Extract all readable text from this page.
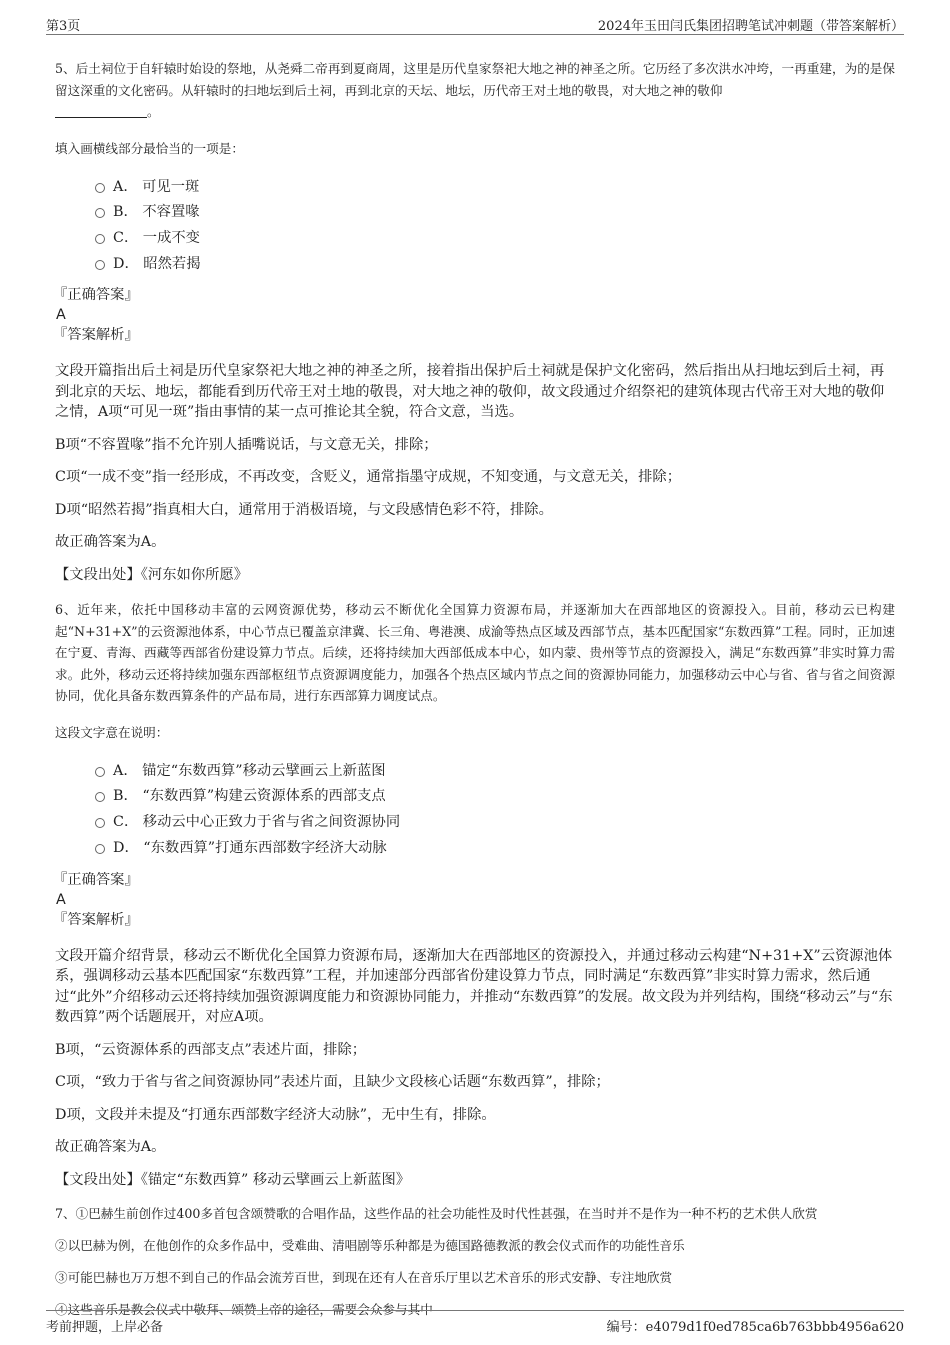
第3页	2024年玉田闫氏集团招聘笔试冲刺题（带答案解析）

5、后土祠位于自轩辕时始设的祭地，从尧舜二帝再到夏商周，这里是历代皇家祭祀大地之神的神圣之所。它历经了多次洪水冲垮，一再重建，为的是保留这深重的文化密码。从轩辕时的扫地坛到后土祠，再到北京的天坛、地坛，历代帝王对土地的敬畏，对大地之神的敬仰
。

填入画横线部分最恰当的一项是：

A． 可见一斑
B． 不容置喙
C． 一成不变
D． 昭然若揭

『正确答案』

A

『答案解析』

文段开篇指出后土祠是历代皇家祭祀大地之神的神圣之所，接着指出保护后土祠就是保护文化密码，然后指出从扫地坛到后土祠，再到北京的天坛、地坛，都能看到历代帝王对土地的敬畏，对大地之神的敬仰，故文段通过介绍祭祀的建筑体现古代帝王对大地的敬仰之情，A项“可见一斑”指由事情的某一点可推论其全貌，符合文意，当选。

B项“不容置喙”指不允许别人插嘴说话，与文意无关，排除；

C项“一成不变”指一经形成，不再改变，含贬义，通常指墨守成规，不知变通，与文意无关，排除；

D项“昭然若揭”指真相大白，通常用于消极语境，与文段感情色彩不符，排除。

故正确答案为A。

【文段出处】《河东如你所愿》

6、近年来，依托中国移动丰富的云网资源优势，移动云不断优化全国算力资源布局，并逐渐加大在西部地区的资源投入。目前，移动云已构建起“N+31+X”的云资源池体系，中心节点已覆盖京津冀、长三角、粤港澳、成渝等热点区域及西部节点，基本匹配国家“东数西算”工程。同时，正加速在宁夏、青海、西藏等西部省份建设算力节点。后续，还将持续加大西部低成本中心，如内蒙、贵州等节点的资源投入，满足“东数西算”非实时算力需求。此外，移动云还将持续加强东西部枢纽节点资源调度能力，加强各个热点区域内节点之间的资源协同能力，加强移动云中心与省、省与省之间资源协同，优化具备东数西算条件的产品布局，进行东西部算力调度试点。

这段文字意在说明：

A． 锚定“东数西算”移动云擘画云上新蓝图
B． “东数西算”构建云资源体系的西部支点
C． 移动云中心正致力于省与省之间资源协同
D． “东数西算”打通东西部数字经济大动脉

『正确答案』

A

『答案解析』

文段开篇介绍背景，移动云不断优化全国算力资源布局，逐渐加大在西部地区的资源投入，并通过移动云构建“N+31+X”云资源池体系，强调移动云基本匹配国家“东数西算”工程，并加速部分西部省份建设算力节点，同时满足“东数西算”非实时算力需求，然后通过“此外”介绍移动云还将持续加强资源调度能力和资源协同能力，并推动“东数西算”的发展。故文段为并列结构，围绕“移动云”与“东数西算”两个话题展开，对应A项。

B项，“云资源体系的西部支点”表述片面，排除；

C项，“致力于省与省之间资源协同”表述片面，且缺少文段核心话题“东数西算”，排除；

D项，文段并未提及“打通东西部数字经济大动脉”，无中生有，排除。

故正确答案为A。

【文段出处】《锚定“东数西算” 移动云擘画云上新蓝图》

7、①巴赫生前创作过400多首包含颂赞歌的合唱作品，这些作品的社会功能性及时代性甚强，在当时并不是作为一种不朽的艺术供人欣赏

②以巴赫为例，在他创作的众多作品中，受难曲、清唱剧等乐种都是为德国路德教派的教会仪式而作的功能性音乐

③可能巴赫也万万想不到自己的作品会流芳百世，到现在还有人在音乐厅里以艺术音乐的形式安静、专注地欣赏

④这些音乐是教会仪式中敬拜、颂赞上帝的途径，需要会众参与其中

考前押题，上岸必备	编号：e4079d1f0ed785ca6b763bbb4956a620
